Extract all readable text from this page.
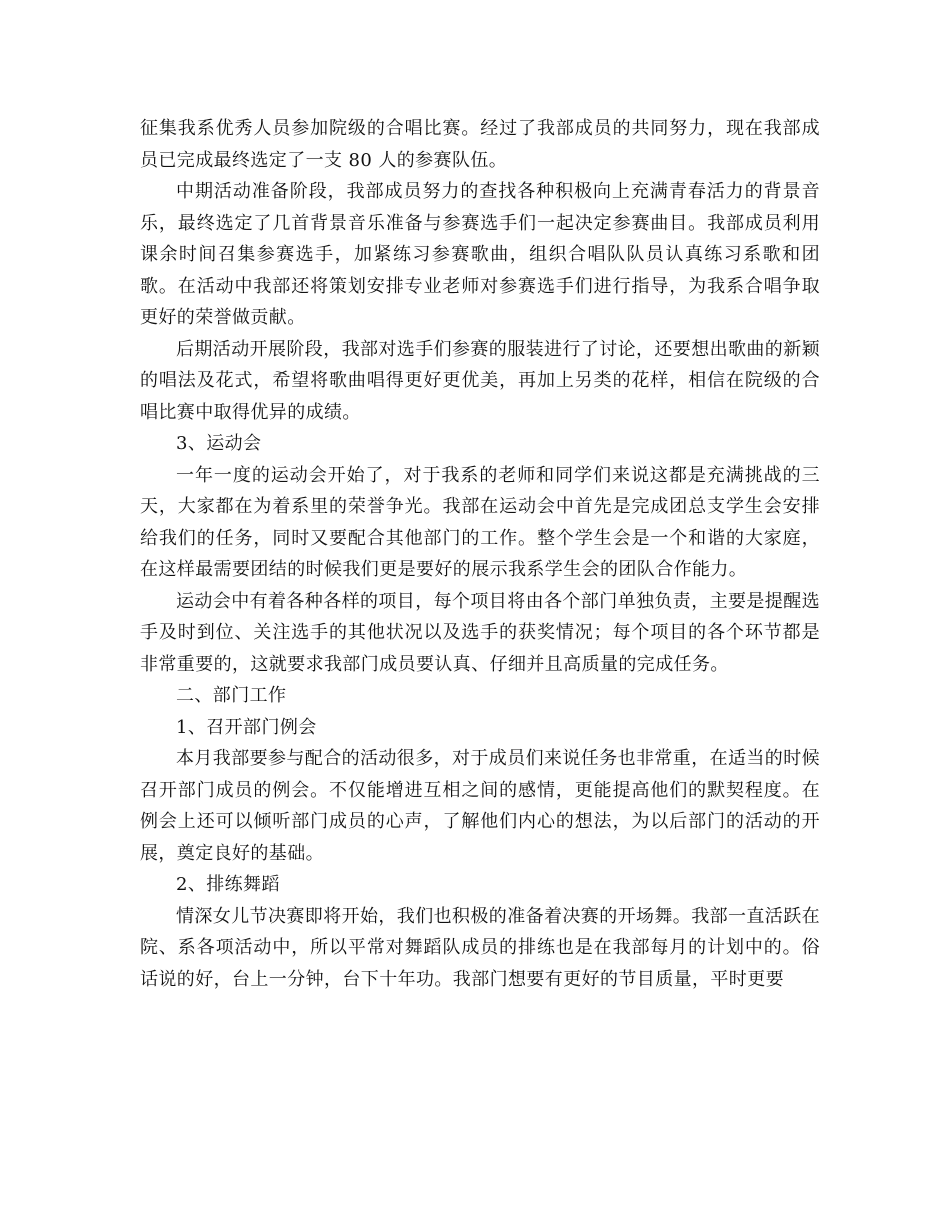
征集我系优秀人员参加院级的合唱比赛。经过了我部成员的共同努力，现在我部成员已完成最终选定了一支 80 人的参赛队伍。

中期活动准备阶段，我部成员努力的查找各种积极向上充满青春活力的背景音乐，最终选定了几首背景音乐准备与参赛选手们一起决定参赛曲目。我部成员利用课余时间召集参赛选手，加紧练习参赛歌曲，组织合唱队队员认真练习系歌和团歌。在活动中我部还将策划安排专业老师对参赛选手们进行指导，为我系合唱争取更好的荣誉做贡献。

后期活动开展阶段，我部对选手们参赛的服装进行了讨论，还要想出歌曲的新颖的唱法及花式，希望将歌曲唱得更好更优美，再加上另类的花样，相信在院级的合唱比赛中取得优异的成绩。

3、运动会

一年一度的运动会开始了，对于我系的老师和同学们来说这都是充满挑战的三天，大家都在为着系里的荣誉争光。我部在运动会中首先是完成团总支学生会安排给我们的任务，同时又要配合其他部门的工作。整个学生会是一个和谐的大家庭，在这样最需要团结的时候我们更是要好的展示我系学生会的团队合作能力。

运动会中有着各种各样的项目，每个项目将由各个部门单独负责，主要是提醒选手及时到位、关注选手的其他状况以及选手的获奖情况；每个项目的各个环节都是非常重要的，这就要求我部门成员要认真、仔细并且高质量的完成任务。

二、部门工作

1、召开部门例会

本月我部要参与配合的活动很多，对于成员们来说任务也非常重，在适当的时候召开部门成员的例会。不仅能增进互相之间的感情，更能提高他们的默契程度。在例会上还可以倾听部门成员的心声，了解他们内心的想法，为以后部门的活动的开展，奠定良好的基础。

2、排练舞蹈

情深女儿节决赛即将开始，我们也积极的准备着决赛的开场舞。我部一直活跃在院、系各项活动中，所以平常对舞蹈队成员的排练也是在我部每月的计划中的。俗话说的好，台上一分钟，台下十年功。我部门想要有更好的节目质量，平时更要
